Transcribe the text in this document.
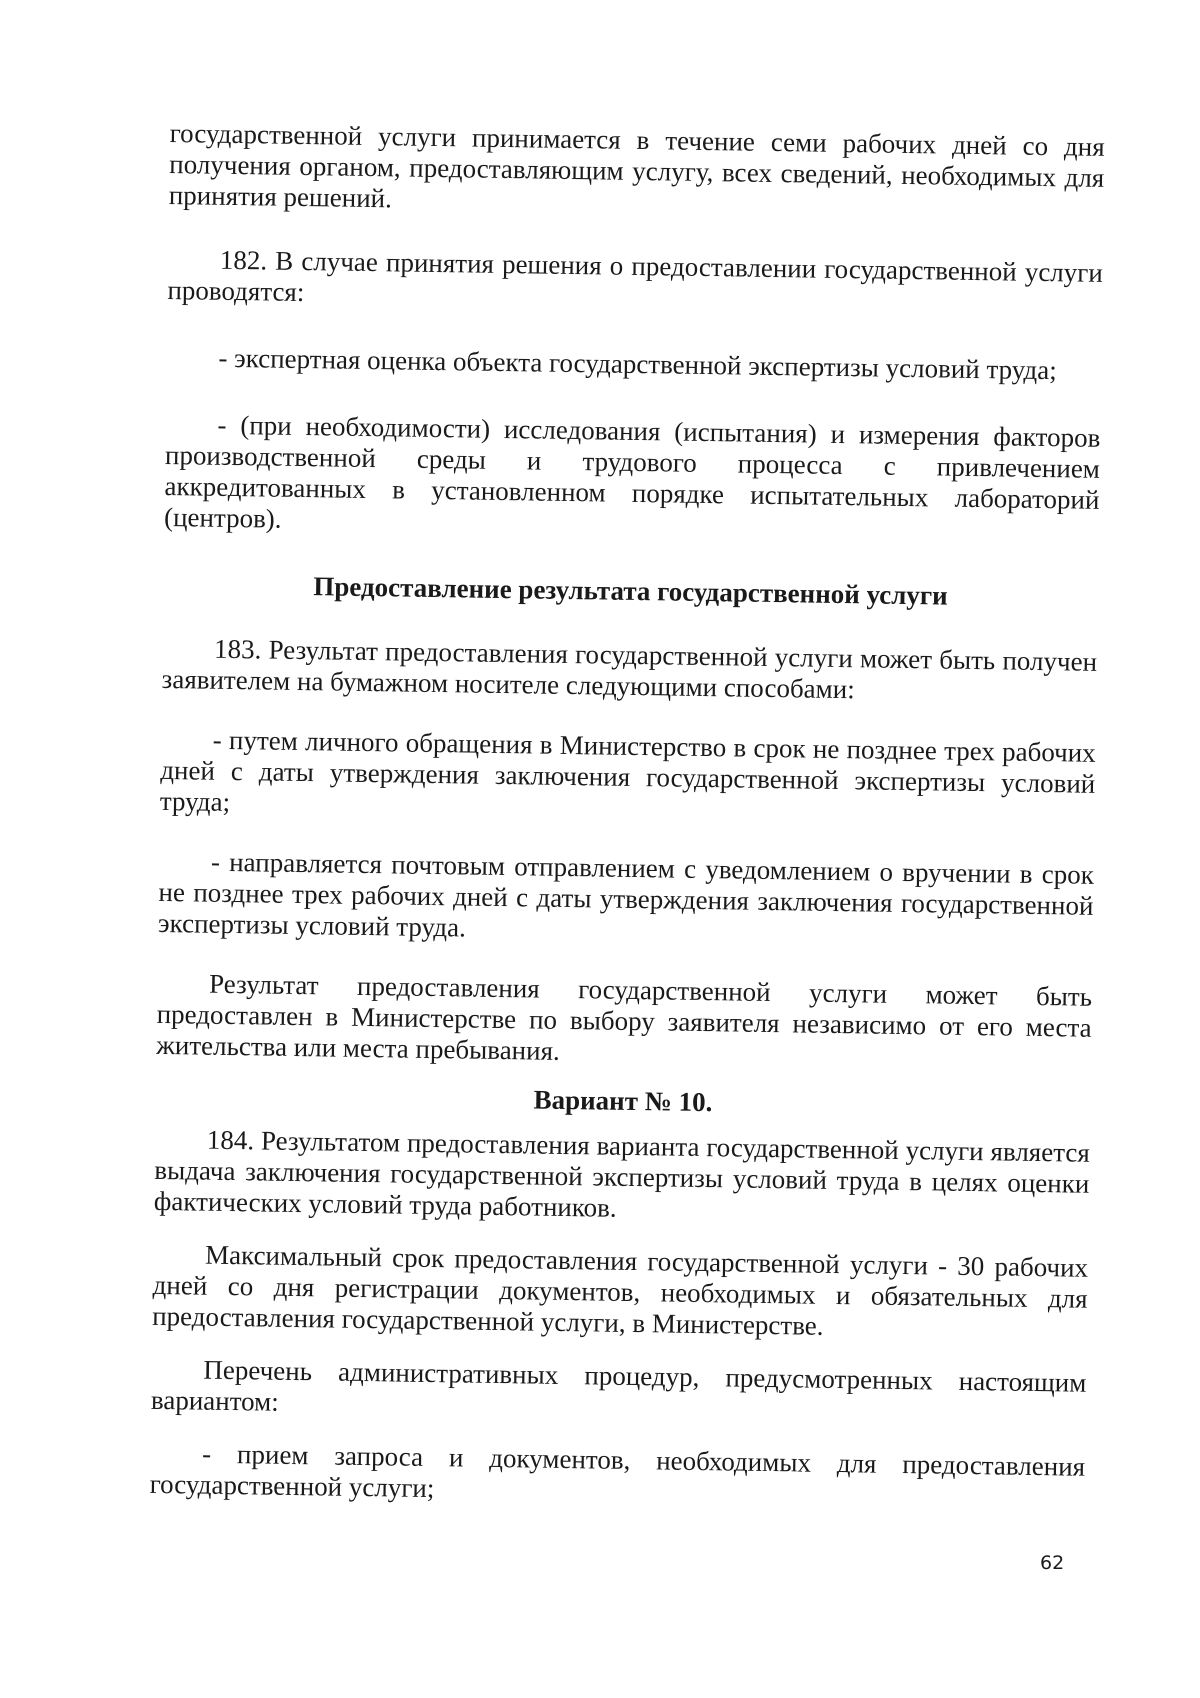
государственной услуги принимается в течение семи рабочих дней со дня получения органом, предоставляющим услугу, всех сведений, необходимых для принятия решений.

182. В случае принятия решения о предоставлении государственной услуги проводятся:

- экспертная оценка объекта государственной экспертизы условий труда;

- (при необходимости) исследования (испытания) и измерения факторов производственной среды и трудового процесса с привлечением аккредитованных в установленном порядке испытательных лабораторий (центров).

Предоставление результата государственной услуги

183. Результат предоставления государственной услуги может быть получен заявителем на бумажном носителе следующими способами:

- путем личного обращения в Министерство в срок не позднее трех рабочих дней с даты утверждения заключения государственной экспертизы условий труда;

- направляется почтовым отправлением с уведомлением о вручении в срок не позднее трех рабочих дней с даты утверждения заключения государственной экспертизы условий труда.

Результат предоставления государственной услуги может быть предоставлен в Министерстве по выбору заявителя независимо от его места жительства или места пребывания.

Вариант № 10.

184. Результатом предоставления варианта государственной услуги является выдача заключения государственной экспертизы условий труда в целях оценки фактических условий труда работников.

Максимальный срок предоставления государственной услуги - 30 рабочих дней со дня регистрации документов, необходимых и обязательных для предоставления государственной услуги, в Министерстве.

Перечень административных процедур, предусмотренных настоящим вариантом:

- прием запроса и документов, необходимых для предоставления государственной услуги;

62
